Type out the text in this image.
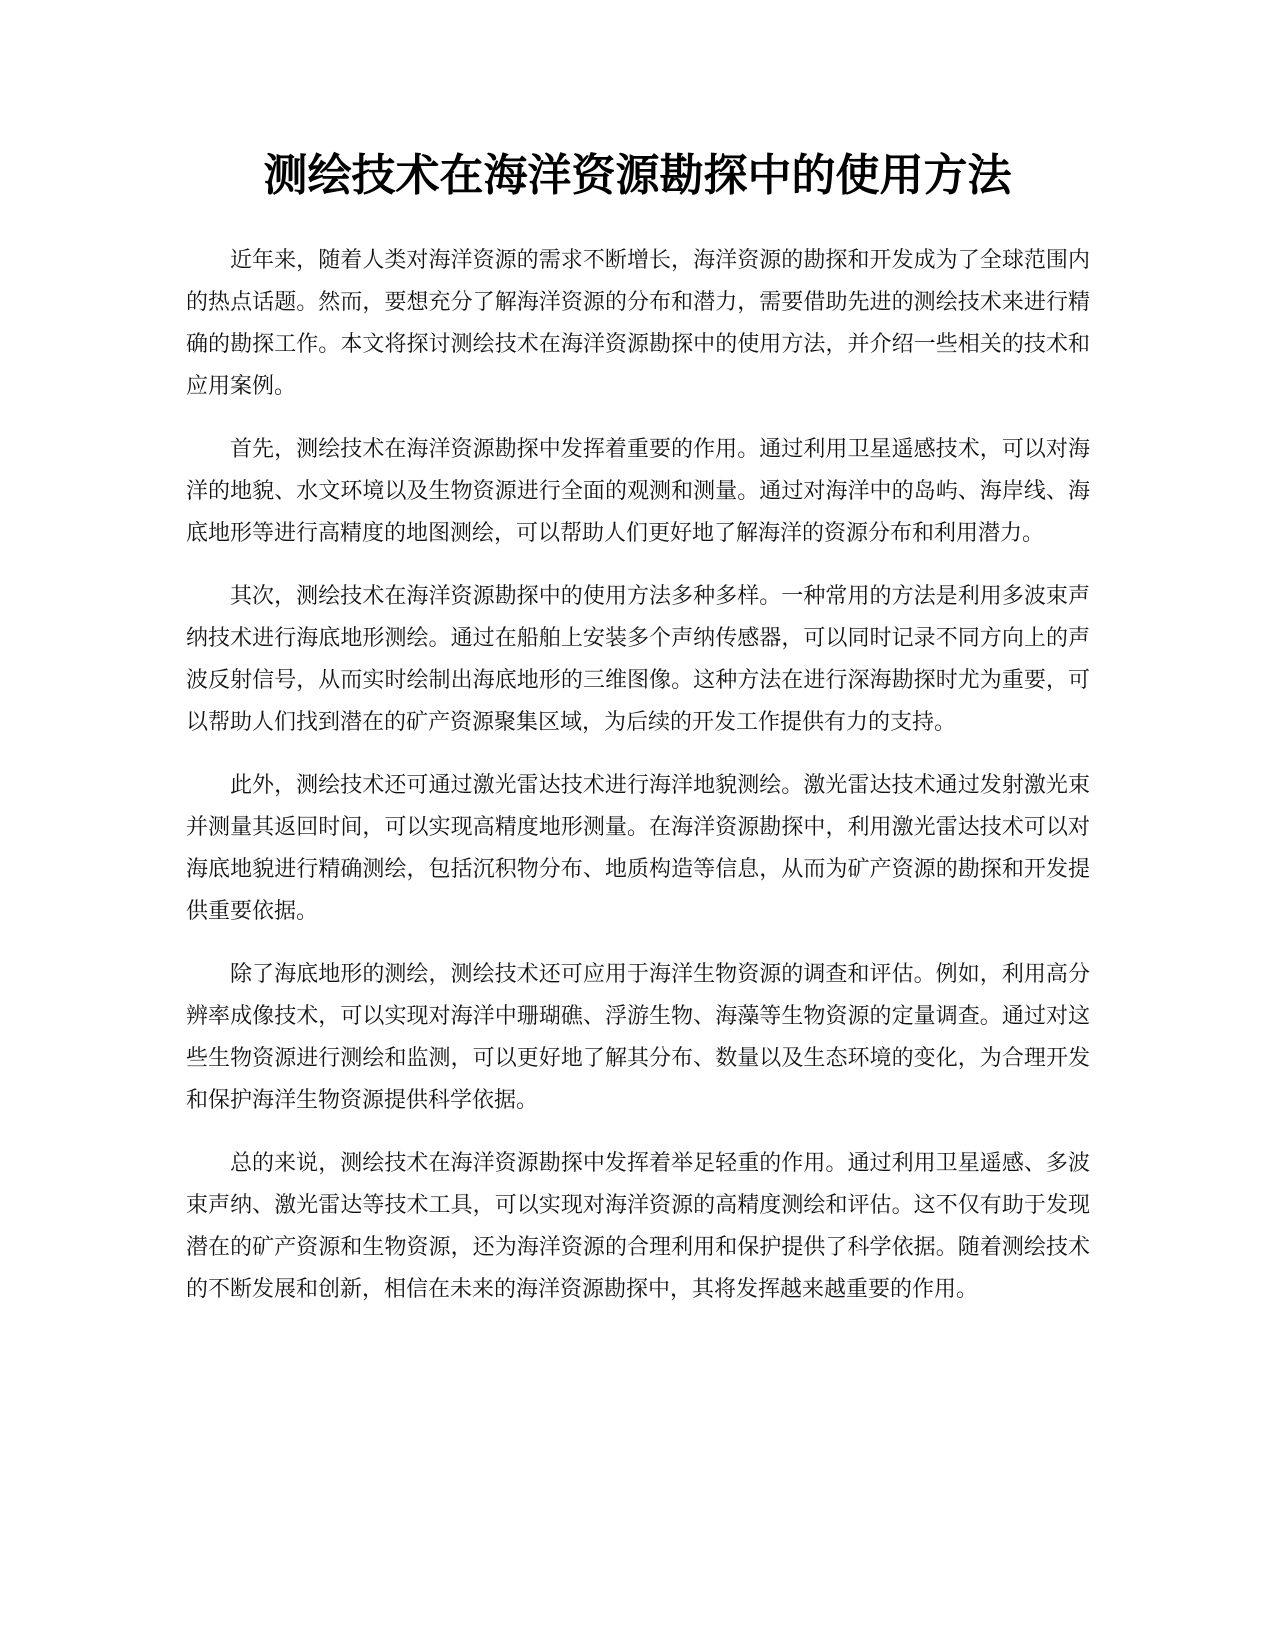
测绘技术在海洋资源勘探中的使用方法

近年来，随着人类对海洋资源的需求不断增长，海洋资源的勘探和开发成为了全球范围内的热点话题。然而，要想充分了解海洋资源的分布和潜力，需要借助先进的测绘技术来进行精确的勘探工作。本文将探讨测绘技术在海洋资源勘探中的使用方法，并介绍一些相关的技术和应用案例。

首先，测绘技术在海洋资源勘探中发挥着重要的作用。通过利用卫星遥感技术，可以对海洋的地貌、水文环境以及生物资源进行全面的观测和测量。通过对海洋中的岛屿、海岸线、海底地形等进行高精度的地图测绘，可以帮助人们更好地了解海洋的资源分布和利用潜力。

其次，测绘技术在海洋资源勘探中的使用方法多种多样。一种常用的方法是利用多波束声纳技术进行海底地形测绘。通过在船舶上安装多个声纳传感器，可以同时记录不同方向上的声波反射信号，从而实时绘制出海底地形的三维图像。这种方法在进行深海勘探时尤为重要，可以帮助人们找到潜在的矿产资源聚集区域，为后续的开发工作提供有力的支持。

此外，测绘技术还可通过激光雷达技术进行海洋地貌测绘。激光雷达技术通过发射激光束并测量其返回时间，可以实现高精度地形测量。在海洋资源勘探中，利用激光雷达技术可以对海底地貌进行精确测绘，包括沉积物分布、地质构造等信息，从而为矿产资源的勘探和开发提供重要依据。

除了海底地形的测绘，测绘技术还可应用于海洋生物资源的调查和评估。例如，利用高分辨率成像技术，可以实现对海洋中珊瑚礁、浮游生物、海藻等生物资源的定量调查。通过对这些生物资源进行测绘和监测，可以更好地了解其分布、数量以及生态环境的变化，为合理开发和保护海洋生物资源提供科学依据。

总的来说，测绘技术在海洋资源勘探中发挥着举足轻重的作用。通过利用卫星遥感、多波束声纳、激光雷达等技术工具，可以实现对海洋资源的高精度测绘和评估。这不仅有助于发现潜在的矿产资源和生物资源，还为海洋资源的合理利用和保护提供了科学依据。随着测绘技术的不断发展和创新，相信在未来的海洋资源勘探中，其将发挥越来越重要的作用。
